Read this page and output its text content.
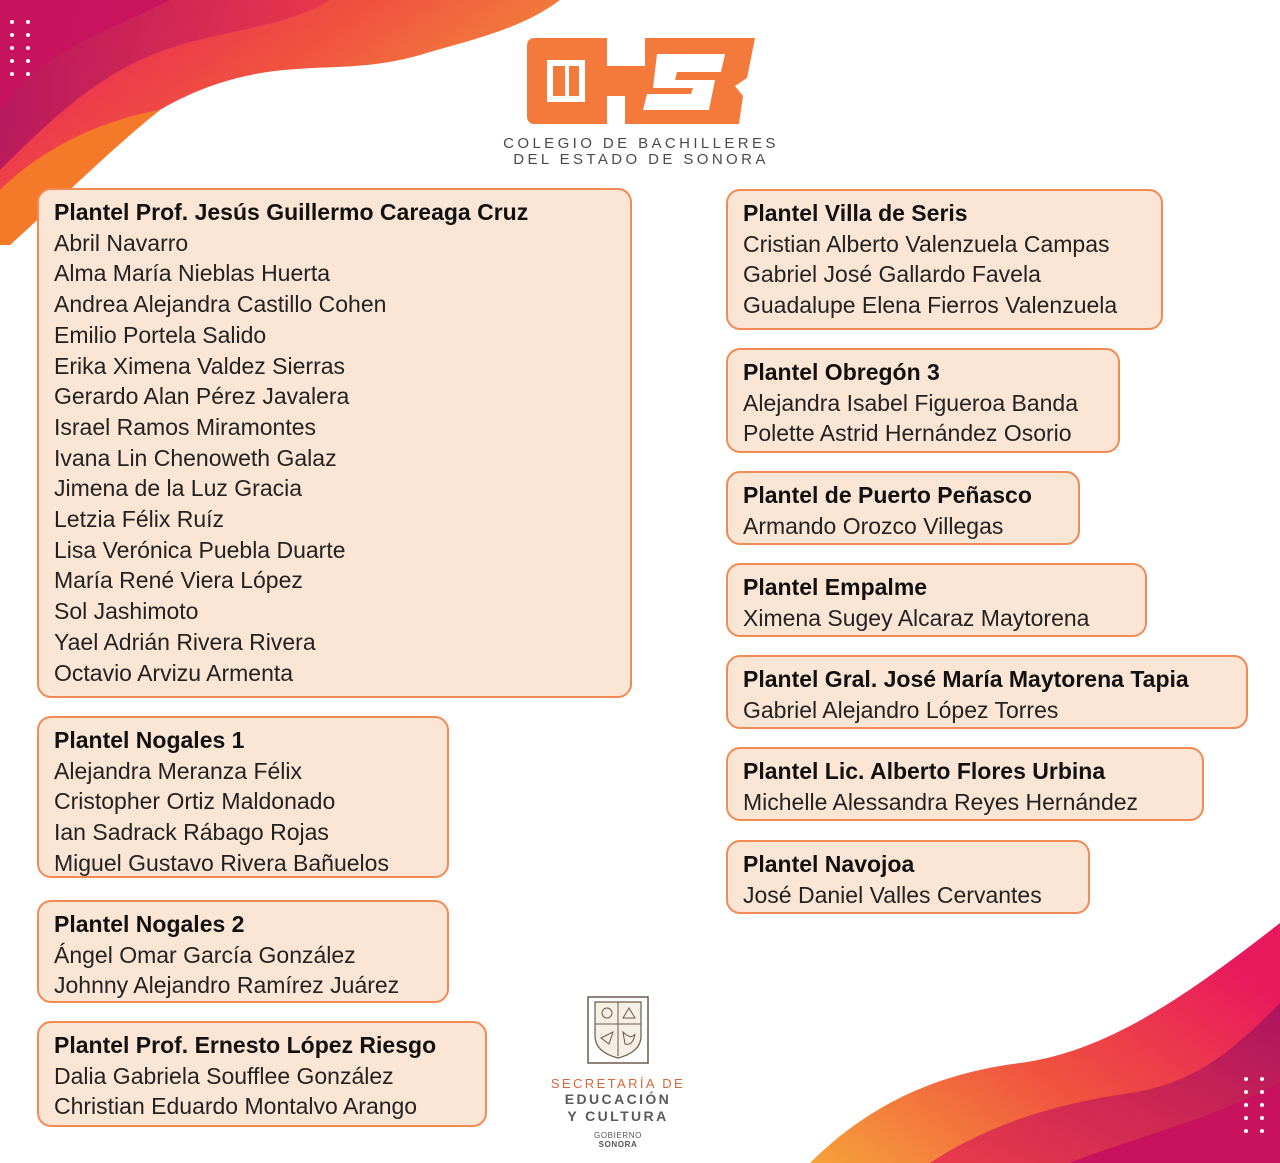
COLEGIO DE BACHILLERES
DEL ESTADO DE SONORA
Plantel Prof. Jesús Guillermo Careaga Cruz
Abril Navarro
Alma María Nieblas Huerta
Andrea Alejandra Castillo Cohen
Emilio Portela Salido
Erika Ximena Valdez Sierras
Gerardo Alan Pérez Javalera
Israel Ramos Miramontes
Ivana Lin Chenoweth Galaz
Jimena de la Luz Gracia
Letzia Félix Ruíz
Lisa Verónica Puebla Duarte
María René Viera López
Sol Jashimoto
Yael Adrián Rivera Rivera
Octavio Arvizu Armenta
Plantel Nogales 1
Alejandra Meranza Félix
Cristopher Ortiz Maldonado
Ian Sadrack Rábago Rojas
Miguel Gustavo Rivera Bañuelos
Plantel Nogales 2
Ángel Omar García González
Johnny Alejandro Ramírez Juárez
Plantel Prof. Ernesto López Riesgo
Dalia Gabriela Soufflee González
Christian Eduardo Montalvo Arango
Plantel Villa de Seris
Cristian Alberto Valenzuela Campas
Gabriel José Gallardo Favela
Guadalupe Elena Fierros Valenzuela
Plantel Obregón 3
Alejandra Isabel Figueroa Banda
Polette Astrid Hernández Osorio
Plantel de Puerto Peñasco
Armando Orozco Villegas
Plantel Empalme
Ximena Sugey Alcaraz Maytorena
Plantel Gral. José María Maytorena Tapia
Gabriel Alejandro López Torres
Plantel Lic. Alberto Flores Urbina
Michelle Alessandra Reyes Hernández
Plantel Navojoa
José Daniel Valles Cervantes
SECRETARÍA DE
EDUCACIÓN
Y CULTURA
GOBIERNO
SONORA
